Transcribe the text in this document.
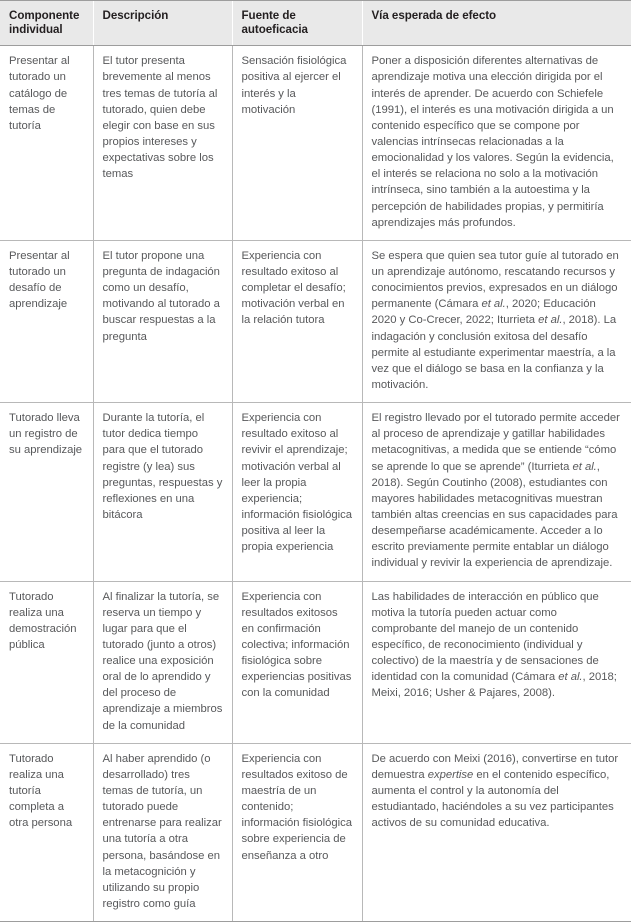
Componente individual	Descripción	Fuente de autoeficacia	Vía esperada de efecto
Presentar al tutorado un catálogo de temas de tutoría	El tutor presenta brevemente al menos tres temas de tutoría al tutorado, quien debe elegir con base en sus propios intereses y expectativas sobre los temas	Sensación fisiológica positiva al ejercer el interés y la motivación	Poner a disposición diferentes alternativas de aprendizaje motiva una elección dirigida por el interés de aprender. De acuerdo con Schiefele (1991), el interés es una motivación dirigida a un contenido específico que se compone por valencias intrínsecas relacionadas a la emocionalidad y los valores. Según la evidencia, el interés se relaciona no solo a la motivación intrínseca, sino también a la autoestima y la percepción de habilidades propias, y permitiría aprendizajes más profundos.
Presentar al tutorado un desafío de aprendizaje	El tutor propone una pregunta de indagación como un desafío, motivando al tutorado a buscar respuestas a la pregunta	Experiencia con resultado exitoso al completar el desafío; motivación verbal en la relación tutora	Se espera que quien sea tutor guíe al tutorado en un aprendizaje autónomo, rescatando recursos y conocimientos previos, expresados en un diálogo permanente (Cámara et al., 2020; Educación 2020 y Co-Crecer, 2022; Iturrieta et al., 2018). La indagación y conclusión exitosa del desafío permite al estudiante experimentar maestría, a la vez que el diálogo se basa en la confianza y la motivación.
Tutorado lleva un registro de su aprendizaje	Durante la tutoría, el tutor dedica tiempo para que el tutorado registre (y lea) sus preguntas, respuestas y reflexiones en una bitácora	Experiencia con resultado exitoso al revivir el aprendizaje; motivación verbal al leer la propia experiencia; información fisiológica positiva al leer la propia experiencia	El registro llevado por el tutorado permite acceder al proceso de aprendizaje y gatillar habilidades metacognitivas, a medida que se entiende “cómo se aprende lo que se aprende” (Iturrieta et al., 2018). Según Coutinho (2008), estudiantes con mayores habilidades metacognitivas muestran también altas creencias en sus capacidades para desempeñarse académicamente. Acceder a lo escrito previamente permite entablar un diálogo individual y revivir la experiencia de aprendizaje.
Tutorado realiza una demostración pública	Al finalizar la tutoría, se reserva un tiempo y lugar para que el tutorado (junto a otros) realice una exposición oral de lo aprendido y del proceso de aprendizaje a miembros de la comunidad	Experiencia con resultados exitosos en confirmación colectiva; información fisiológica sobre experiencias positivas con la comunidad	Las habilidades de interacción en público que motiva la tutoría pueden actuar como comprobante del manejo de un contenido específico, de reconocimiento (individual y colectivo) de la maestría y de sensaciones de identidad con la comunidad (Cámara et al., 2018; Meixi, 2016; Usher & Pajares, 2008).
Tutorado realiza una tutoría completa a otra persona	Al haber aprendido (o desarrollado) tres temas de tutoría, un tutorado puede entrenarse para realizar una tutoría a otra persona, basándose en la metacognición y utilizando su propio registro como guía	Experiencia con resultados exitoso de maestría de un contenido; información fisiológica sobre experiencia de enseñanza a otro	De acuerdo con Meixi (2016), convertirse en tutor demuestra expertise en el contenido específico, aumenta el control y la autonomía del estudiantado, haciéndoles a su vez participantes activos de su comunidad educativa.
